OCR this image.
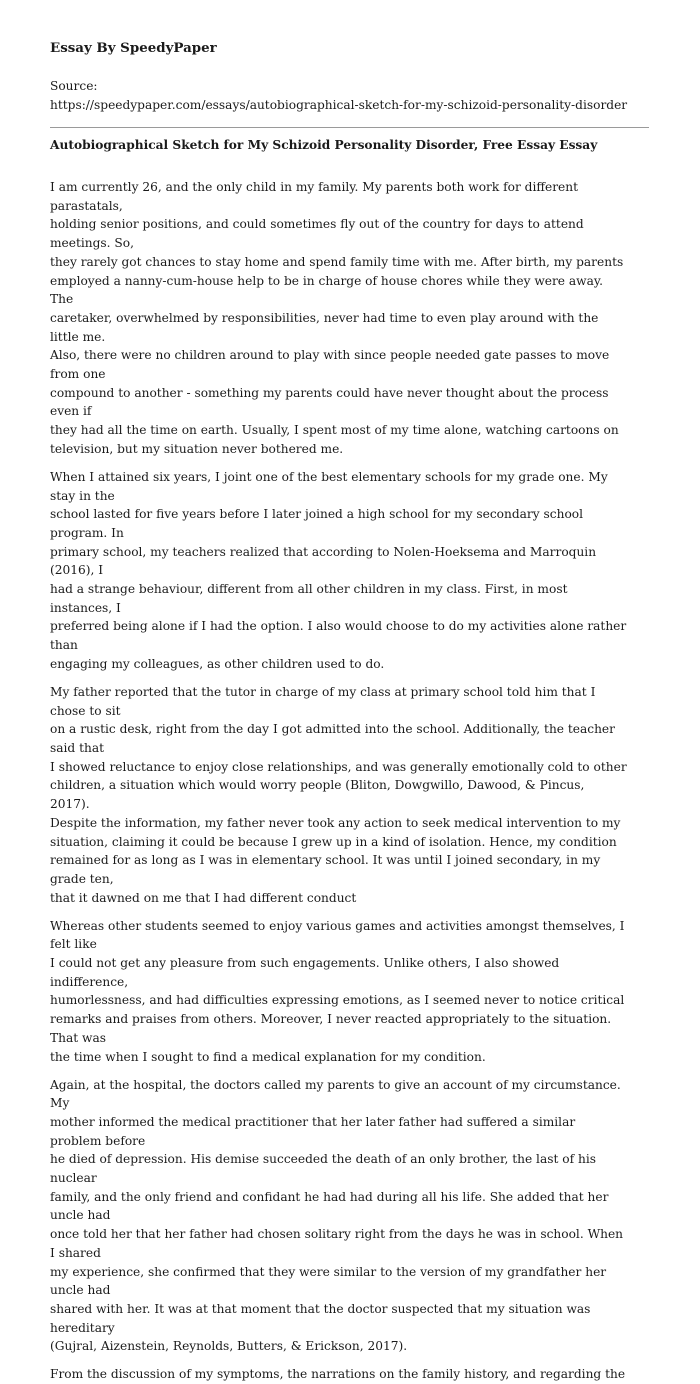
Essay By SpeedyPaper
Source:
https://speedypaper.com/essays/autobiographical-sketch-for-my-schizoid-personality-disorder
Autobiographical Sketch for My Schizoid Personality Disorder, Free Essay Essay

I am currently 26, and the only child in my family. My parents both work for different parastatals,
holding senior positions, and could sometimes fly out of the country for days to attend meetings. So,
they rarely got chances to stay home and spend family time with me. After birth, my parents
employed a nanny-cum-house help to be in charge of house chores while they were away. The
caretaker, overwhelmed by responsibilities, never had time to even play around with the little me.
Also, there were no children around to play with since people needed gate passes to move from one
compound to another - something my parents could have never thought about the process even if
they had all the time on earth. Usually, I spent most of my time alone, watching cartoons on
television, but my situation never bothered me.

When I attained six years, I joint one of the best elementary schools for my grade one. My stay in the
school lasted for five years before I later joined a high school for my secondary school program. In
primary school, my teachers realized that according to Nolen-Hoeksema and Marroquin (2016), I
had a strange behaviour, different from all other children in my class. First, in most instances, I
preferred being alone if I had the option. I also would choose to do my activities alone rather than
engaging my colleagues, as other children used to do.

My father reported that the tutor in charge of my class at primary school told him that I chose to sit
on a rustic desk, right from the day I got admitted into the school. Additionally, the teacher said that
I showed reluctance to enjoy close relationships, and was generally emotionally cold to other
children, a situation which would worry people (Bliton, Dowgwillo, Dawood, & Pincus, 2017).
Despite the information, my father never took any action to seek medical intervention to my
situation, claiming it could be because I grew up in a kind of isolation. Hence, my condition
remained for as long as I was in elementary school. It was until I joined secondary, in my grade ten,
that it dawned on me that I had different conduct

Whereas other students seemed to enjoy various games and activities amongst themselves, I felt like
I could not get any pleasure from such engagements. Unlike others, I also showed indifference,
humorlessness, and had difficulties expressing emotions, as I seemed never to notice critical
remarks and praises from others. Moreover, I never reacted appropriately to the situation. That was
the time when I sought to find a medical explanation for my condition.

Again, at the hospital, the doctors called my parents to give an account of my circumstance. My
mother informed the medical practitioner that her later father had suffered a similar problem before
he died of depression. His demise succeeded the death of an only brother, the last of his nuclear
family, and the only friend and confidant he had had during all his life. She added that her uncle had
once told her that her father had chosen solitary right from the days he was in school. When I shared
my experience, she confirmed that they were similar to the version of my grandfather her uncle had
shared with her. It was at that moment that the doctor suspected that my situation was hereditary
(Gujral, Aizenstein, Reynolds, Butters, & Erickson, 2017).

From the discussion of my symptoms, the narrations on the family history, and regarding the
